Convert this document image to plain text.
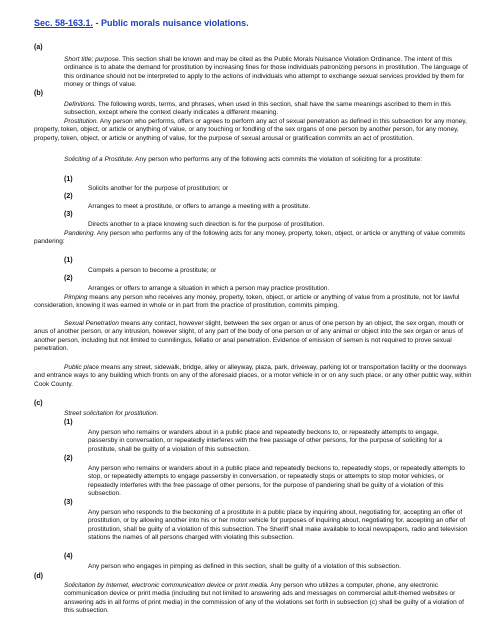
Sec. 58-163.1. - Public morals nuisance violations.
(a)

Short title; purpose. This section shall be known and may be cited as the Public Morals Nuisance Violation Ordinance. The intent of this ordinance is to abate the demand for prostitution by increasing fines for those individuals patronizing persons in prostitution. The language of this ordinance should not be interpreted to apply to the actions of individuals who attempt to exchange sexual services provided by them for money or things of value.

(b)

Definitions. The following words, terms, and phrases, when used in this section, shall have the same meanings ascribed to them in this subsection, except where the context clearly indicates a different meaning.

Prostitution. Any person who performs, offers or agrees to perform any act of sexual penetration as defined in this subsection for any money, property, token, object, or article or anything of value, or any touching or fondling of the sex organs of one person by another person, for any money, property, token, object, or article or anything of value, for the purpose of sexual arousal or gratification commits an act of prostitution.

Soliciting of a Prostitute. Any person who performs any of the following acts commits the violation of soliciting for a prostitute:

(1)
Solicits another for the purpose of prostitution; or
(2)
Arranges to meet a prostitute, or offers to arrange a meeting with a prostitute.
(3)
Directs another to a place knowing such direction is for the purpose of prostitution.

Pandering. Any person who performs any of the following acts for any money, property, token, object, or article or anything of value commits pandering:

(1)
Compels a person to become a prostitute; or
(2)
Arranges or offers to arrange a situation in which a person may practice prostitution.

Pimping means any person who receives any money, property, token, object, or article or anything of value from a prostitute, not for lawful consideration, knowing it was earned in whole or in part from the practice of prostitution, commits pimping.

Sexual Penetration means any contact, however slight, between the sex organ or anus of one person by an object, the sex organ, mouth or anus of another person, or any intrusion, however slight, of any part of the body of one person or of any animal or object into the sex organ or anus of another person, including but not limited to cunnilingus, fellatio or anal penetration. Evidence of emission of semen is not required to prove sexual penetration.

Public place means any street, sidewalk, bridge, alley or alleyway, plaza, park, driveway, parking lot or transportation facility or the doorways and entrance ways to any building which fronts on any of the aforesaid places, or a motor vehicle in or on any such place, or any other public way, within Cook County.

(c)
Street solicitation for prostitution.
(1)
Any person who remains or wanders about in a public place and repeatedly beckons to, or repeatedly attempts to engage, passersby in conversation, or repeatedly interferes with the free passage of other persons, for the purpose of soliciting for a prostitute, shall be guilty of a violation of this subsection.
(2)
Any person who remains or wanders about in a public place and repeatedly beckons to, repeatedly stops, or repeatedly attempts to stop, or repeatedly attempts to engage passersby in conversation, or repeatedly stops or attempts to stop motor vehicles, or repeatedly interferes with the free passage of other persons, for the purpose of pandering shall be guilty of a violation of this subsection.
(3)
Any person who responds to the beckoning of a prostitute in a public place by inquiring about, negotiating for, accepting an offer of prostitution, or by allowing another into his or her motor vehicle for purposes of inquiring about, negotiating for, accepting an offer of prostitution, shall be guilty of a violation of this subsection. The Sheriff shall make available to local newspapers, radio and television stations the names of all persons charged with violating this subsection.
(4)
Any person who engages in pimping as defined in this section, shall be guilty of a violation of this subsection.
(d)

Solicitation by Internet, electronic communication device or print media. Any person who utilizes a computer, phone, any electronic communication device or print media (including but not limited to answering ads and messages on commercial adult-themed websites or answering ads in all forms of print media) in the commission of any of the violations set forth in subsection (c) shall be guilty of a violation of this subsection.
